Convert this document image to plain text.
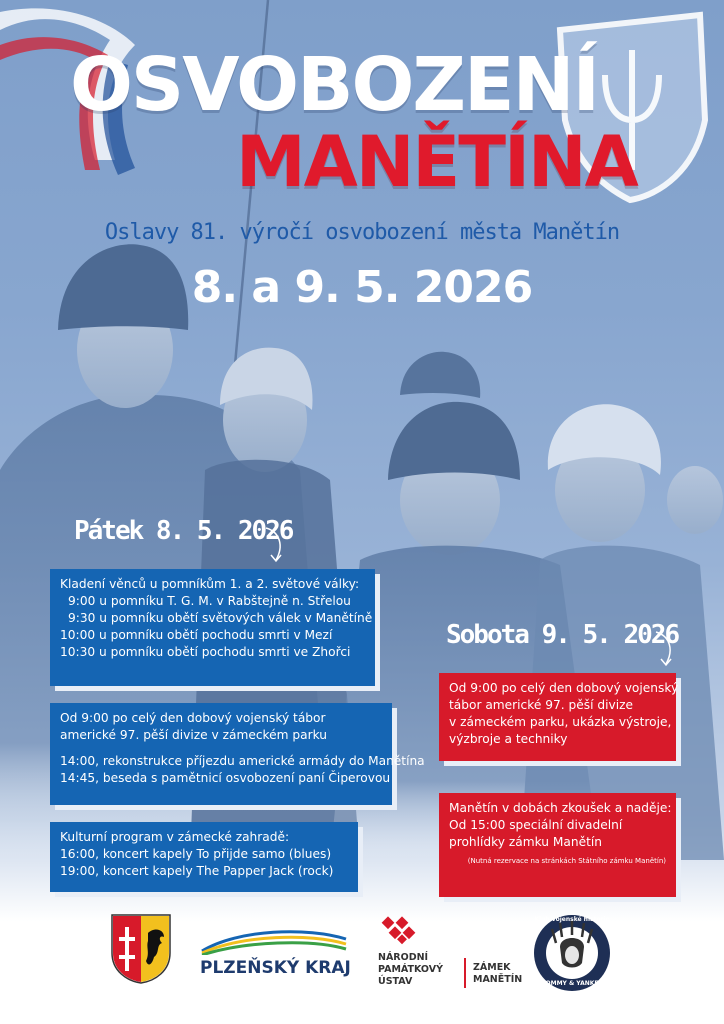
OSVOBOZENÍ
MANĚTÍNA
Oslavy 81. výročí osvobození města Manětín
8. a 9. 5. 2026
Pátek 8. 5. 2026
Kladení věnců u pomníkům 1. a 2. světové války:
9:00 u pomníku T. G. M. v Rabštejně n. Střelou
9:30 u pomníku obětí světových válek v Manětíně
10:00 u pomníku obětí pochodu smrti v Mezí
10:30 u pomníku obětí pochodu smrti ve Zhořci
Od 9:00 po celý den dobový vojenský tábor
americké 97. pěší divize v zámeckém parku
14:00, rekonstrukce příjezdu americké armády do Manětína
14:45, beseda s pamětnicí osvobození paní Čiperovou
Kulturní program v zámecké zahradě:
16:00, koncert kapely To přijde samo (blues)
19:00, koncert kapely The Papper Jack (rock)
Sobota 9. 5. 2026
Od 9:00 po celý den dobový vojenský
tábor americké 97. pěší divize
v zámeckém parku, ukázka výstroje,
výzbroje a techniky
Manětín v dobách zkoušek a naděje:
Od 15:00 speciální divadelní
prohlídky zámku Manětín
(Nutná rezervace na stránkách Státního zámku Manětín)
PLZEŇSKÝ KRAJ
NÁRODNÍ
PAMÁTKOVÝ
ÚSTAV
ZÁMEK
MANĚTÍN
Klub vojenské historie
TOMMY & YANKEE
